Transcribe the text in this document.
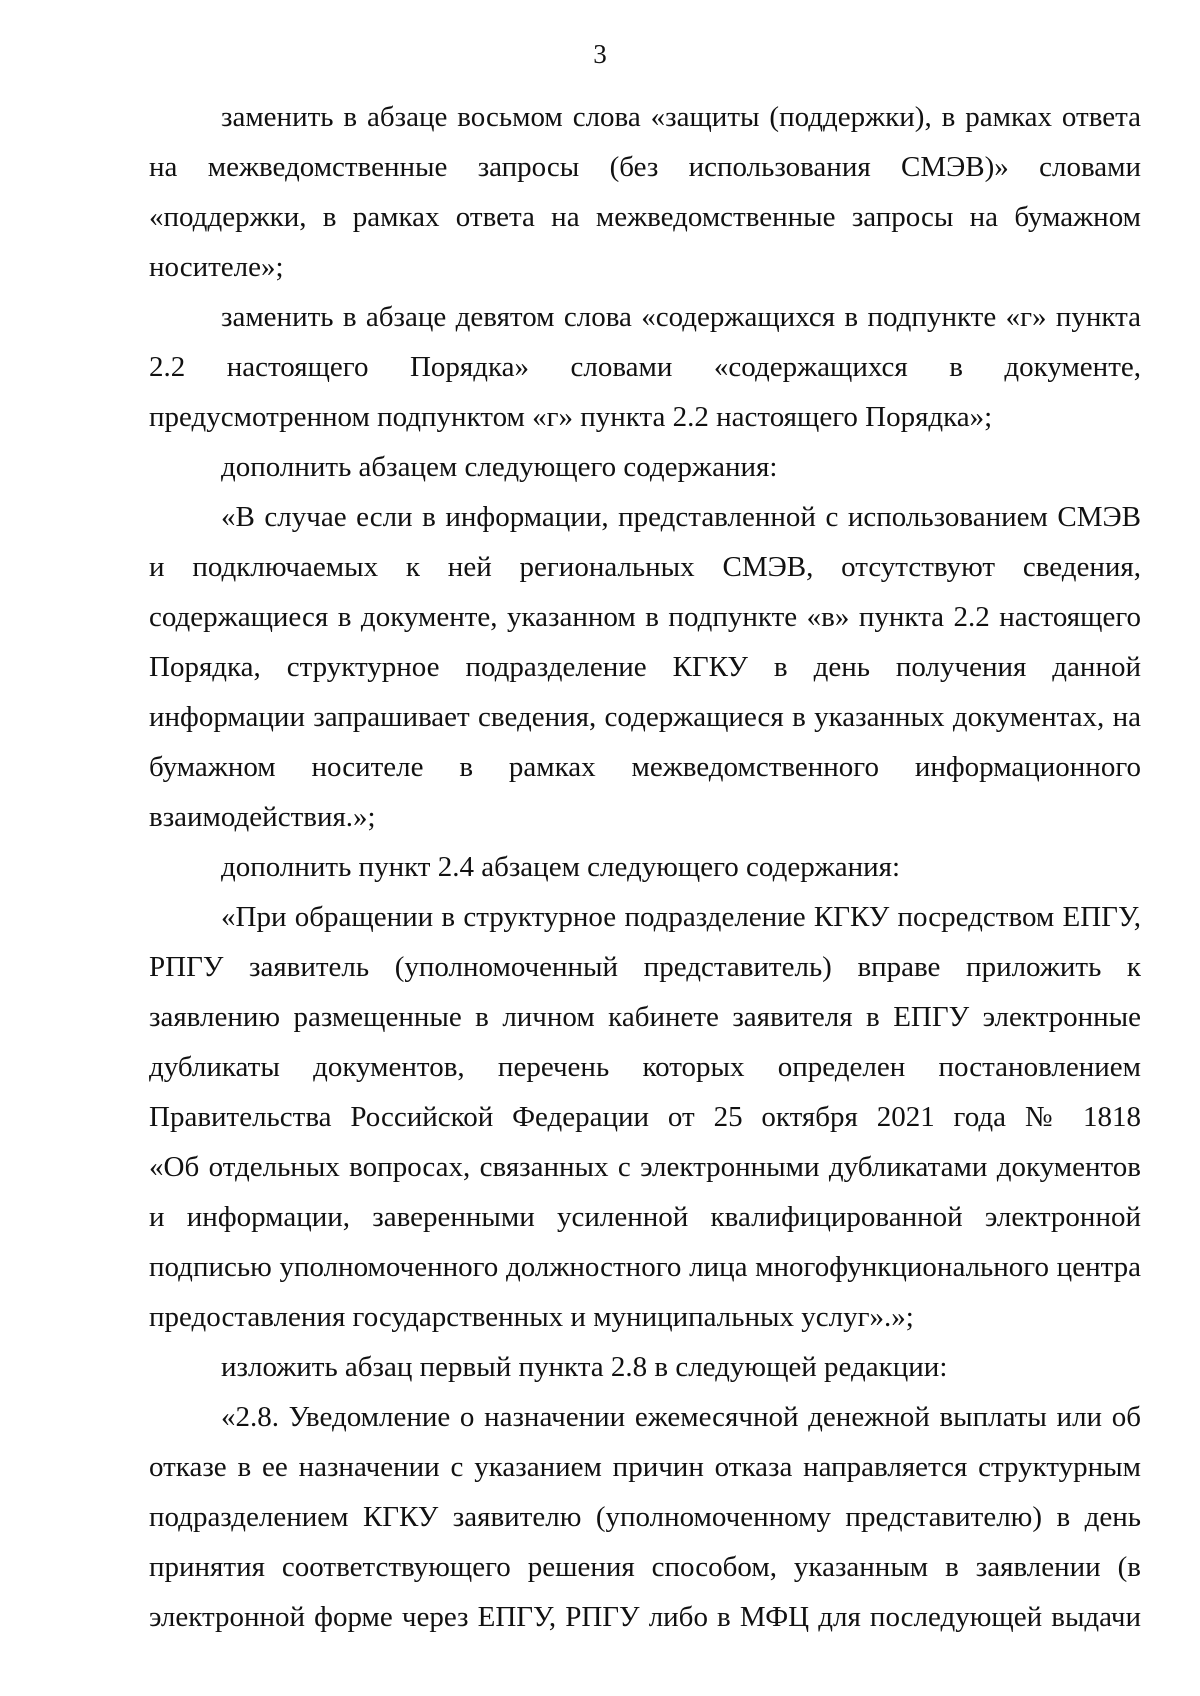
3
заменить в абзаце восьмом слова «защиты (поддержки), в рамках ответа
на межведомственные запросы (без использования СМЭВ)» словами
«поддержки, в рамках ответа на межведомственные запросы на бумажном
носителе»;
заменить в абзаце девятом слова «содержащихся в подпункте «г» пункта
2.2 настоящего Порядка» словами «содержащихся в документе,
предусмотренном подпунктом «г» пункта 2.2 настоящего Порядка»;
дополнить абзацем следующего содержания:
«В случае если в информации, представленной с использованием СМЭВ
и подключаемых к ней региональных СМЭВ, отсутствуют сведения,
содержащиеся в документе, указанном в подпункте «в» пункта 2.2 настоящего
Порядка, структурное подразделение КГКУ в день получения данной
информации запрашивает сведения, содержащиеся в указанных документах, на
бумажном носителе в рамках межведомственного информационного
взаимодействия.»;
дополнить пункт 2.4 абзацем следующего содержания:
«При обращении в структурное подразделение КГКУ посредством ЕПГУ,
РПГУ заявитель (уполномоченный представитель) вправе приложить к
заявлению размещенные в личном кабинете заявителя в ЕПГУ электронные
дубликаты документов, перечень которых определен постановлением
Правительства Российской Федерации от 25 октября 2021 года № 1818
«Об отдельных вопросах, связанных с электронными дубликатами документов
и информации, заверенными усиленной квалифицированной электронной
подписью уполномоченного должностного лица многофункционального центра
предоставления государственных и муниципальных услуг».»;
изложить абзац первый пункта 2.8 в следующей редакции:
«2.8. Уведомление о назначении ежемесячной денежной выплаты или об
отказе в ее назначении с указанием причин отказа направляется структурным
подразделением КГКУ заявителю (уполномоченному представителю) в день
принятия соответствующего решения способом, указанным в заявлении (в
электронной форме через ЕПГУ, РПГУ либо в МФЦ для последующей выдачи
